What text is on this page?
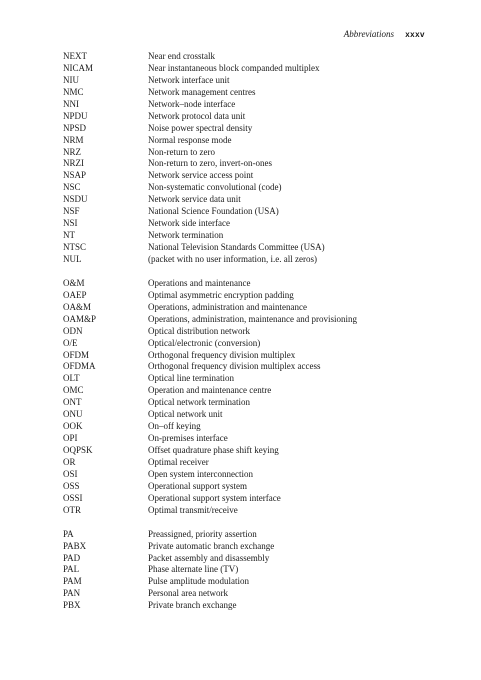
Abbreviations xxxv
NEXT	Near end crosstalk
NICAM	Near instantaneous block companded multiplex
NIU	Network interface unit
NMC	Network management centres
NNI	Network–node interface
NPDU	Network protocol data unit
NPSD	Noise power spectral density
NRM	Normal response mode
NRZ	Non-return to zero
NRZI	Non-return to zero, invert-on-ones
NSAP	Network service access point
NSC	Non-systematic convolutional (code)
NSDU	Network service data unit
NSF	National Science Foundation (USA)
NSI	Network side interface
NT	Network termination
NTSC	National Television Standards Committee (USA)
NUL	(packet with no user information, i.e. all zeros)
O&M	Operations and maintenance
OAEP	Optimal asymmetric encryption padding
OA&M	Operations, administration and maintenance
OAM&P	Operations, administration, maintenance and provisioning
ODN	Optical distribution network
O/E	Optical/electronic (conversion)
OFDM	Orthogonal frequency division multiplex
OFDMA	Orthogonal frequency division multiplex access
OLT	Optical line termination
OMC	Operation and maintenance centre
ONT	Optical network termination
ONU	Optical network unit
OOK	On–off keying
OPI	On-premises interface
OQPSK	Offset quadrature phase shift keying
OR	Optimal receiver
OSI	Open system interconnection
OSS	Operational support system
OSSI	Operational support system interface
OTR	Optimal transmit/receive
PA	Preassigned, priority assertion
PABX	Private automatic branch exchange
PAD	Packet assembly and disassembly
PAL	Phase alternate line (TV)
PAM	Pulse amplitude modulation
PAN	Personal area network
PBX	Private branch exchange
